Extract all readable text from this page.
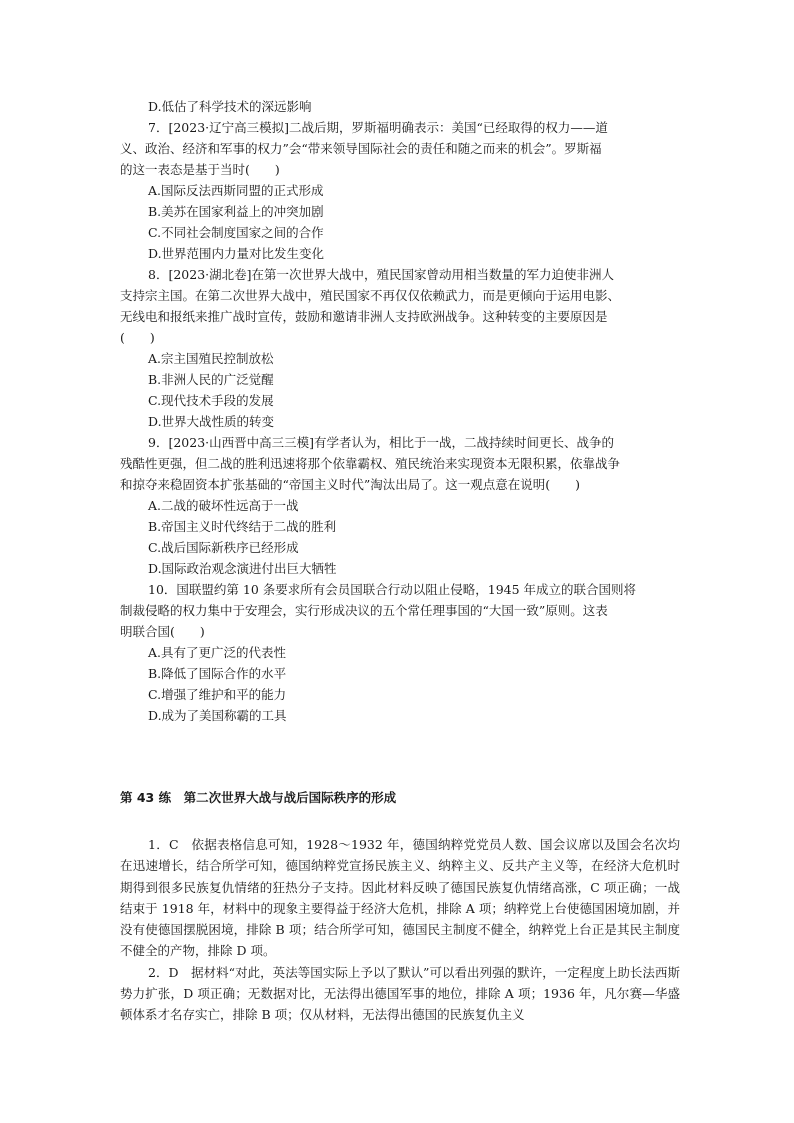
D.低估了科学技术的深远影响
7．[2023·辽宁高三模拟]二战后期，罗斯福明确表示：美国“已经取得的权力——道
义、政治、经济和军事的权力”会“带来领导国际社会的责任和随之而来的机会”。罗斯福
的这一表态是基于当时(　　)
A.国际反法西斯同盟的正式形成
B.美苏在国家利益上的冲突加剧
C.不同社会制度国家之间的合作
D.世界范围内力量对比发生变化
8．[2023·湖北卷]在第一次世界大战中，殖民国家曾动用相当数量的军力迫使非洲人
支持宗主国。在第二次世界大战中，殖民国家不再仅仅依赖武力，而是更倾向于运用电影、
无线电和报纸来推广战时宣传，鼓励和邀请非洲人支持欧洲战争。这种转变的主要原因是
(　　)
A.宗主国殖民控制放松
B.非洲人民的广泛觉醒
C.现代技术手段的发展
D.世界大战性质的转变
9．[2023·山西晋中高三三模]有学者认为，相比于一战，二战持续时间更长、战争的
残酷性更强，但二战的胜利迅速将那个依靠霸权、殖民统治来实现资本无限积累，依靠战争
和掠夺来稳固资本扩张基础的“帝国主义时代”淘汰出局了。这一观点意在说明(　　)
A.二战的破坏性远高于一战
B.帝国主义时代终结于二战的胜利
C.战后国际新秩序已经形成
D.国际政治观念演进付出巨大牺牲
10．国联盟约第 10 条要求所有会员国联合行动以阻止侵略，1945 年成立的联合国则将
制裁侵略的权力集中于安理会，实行形成决议的五个常任理事国的“大国一致”原则。这表
明联合国(　　)
A.具有了更广泛的代表性
B.降低了国际合作的水平
C.增强了维护和平的能力
D.成为了美国称霸的工具
第 43 练　第二次世界大战与战后国际秩序的形成

1．C　依据表格信息可知，1928～1932 年，德国纳粹党党员人数、国会议席以及国会名次均在迅速增长，结合所学可知，德国纳粹党宣扬民族主义、纳粹主义、反共产主义等，在经济大危机时期得到很多民族复仇情绪的狂热分子支持。因此材料反映了德国民族复仇情绪高涨，C 项正确；一战结束于 1918 年，材料中的现象主要得益于经济大危机，排除 A 项；纳粹党上台使德国困境加剧，并没有使德国摆脱困境，排除 B 项；结合所学可知，德国民主制度不健全，纳粹党上台正是其民主制度不健全的产物，排除 D 项。

2．D　据材料“对此，英法等国实际上予以了默认”可以看出列强的默许，一定程度上助长法西斯势力扩张，D 项正确；无数据对比，无法得出德国军事的地位，排除 A 项；1936 年，凡尔赛—华盛顿体系才名存实亡，排除 B 项；仅从材料，无法得出德国的民族复仇主义
